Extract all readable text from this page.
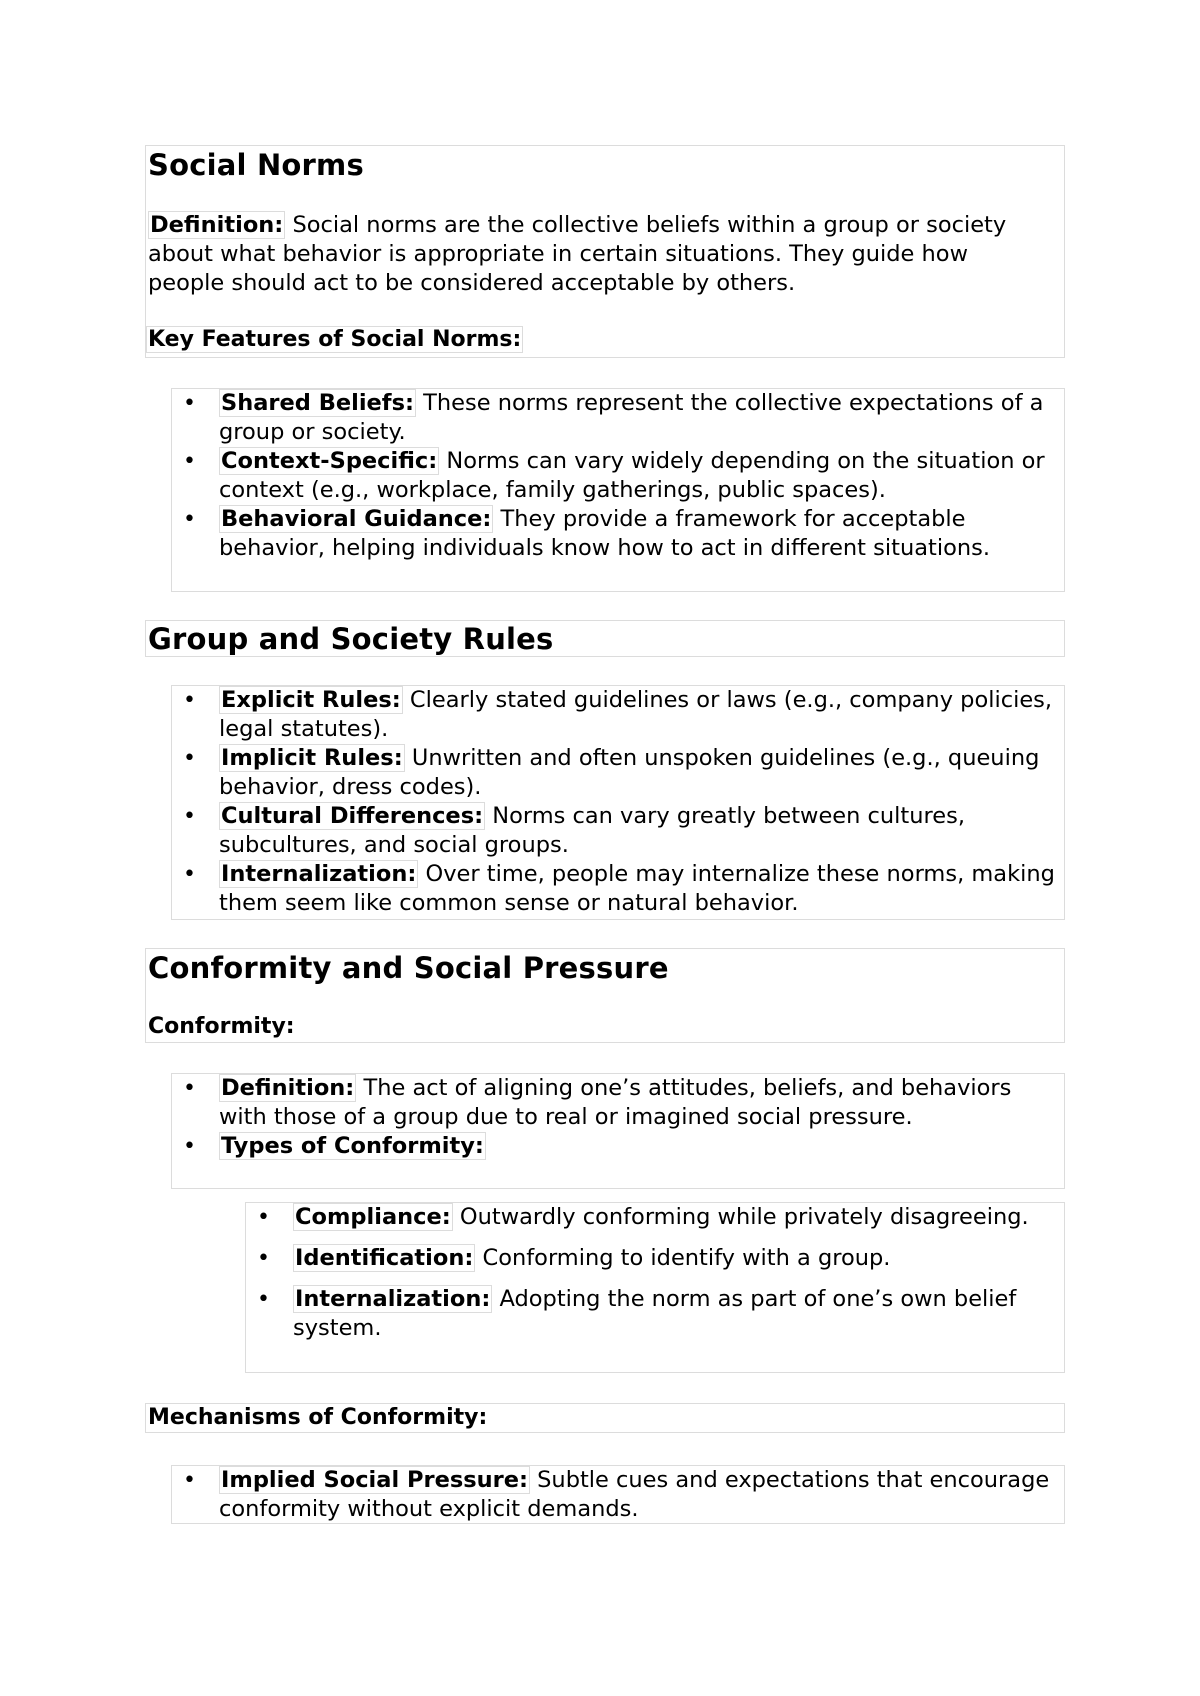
Social Norms

Definition: Social norms are the collective beliefs within a group or society about what behavior is appropriate in certain situations. They guide how people should act to be considered acceptable by others.

Key Features of Social Norms:
• Shared Beliefs: These norms represent the collective expectations of a group or society.
• Context-Specific: Norms can vary widely depending on the situation or context (e.g., workplace, family gatherings, public spaces).
• Behavioral Guidance: They provide a framework for acceptable behavior, helping individuals know how to act in different situations.
Group and Society Rules
• Explicit Rules: Clearly stated guidelines or laws (e.g., company policies, legal statutes).
• Implicit Rules: Unwritten and often unspoken guidelines (e.g., queuing behavior, dress codes).
• Cultural Differences: Norms can vary greatly between cultures, subcultures, and social groups.
• Internalization: Over time, people may internalize these norms, making them seem like common sense or natural behavior.
Conformity and Social Pressure
Conformity:
• Definition: The act of aligning one’s attitudes, beliefs, and behaviors with those of a group due to real or imagined social pressure.
• Types of Conformity:
• Compliance: Outwardly conforming while privately disagreeing.
• Identification: Conforming to identify with a group.
• Internalization: Adopting the norm as part of one’s own belief system.
Mechanisms of Conformity:
• Implied Social Pressure: Subtle cues and expectations that encourage conformity without explicit demands.
